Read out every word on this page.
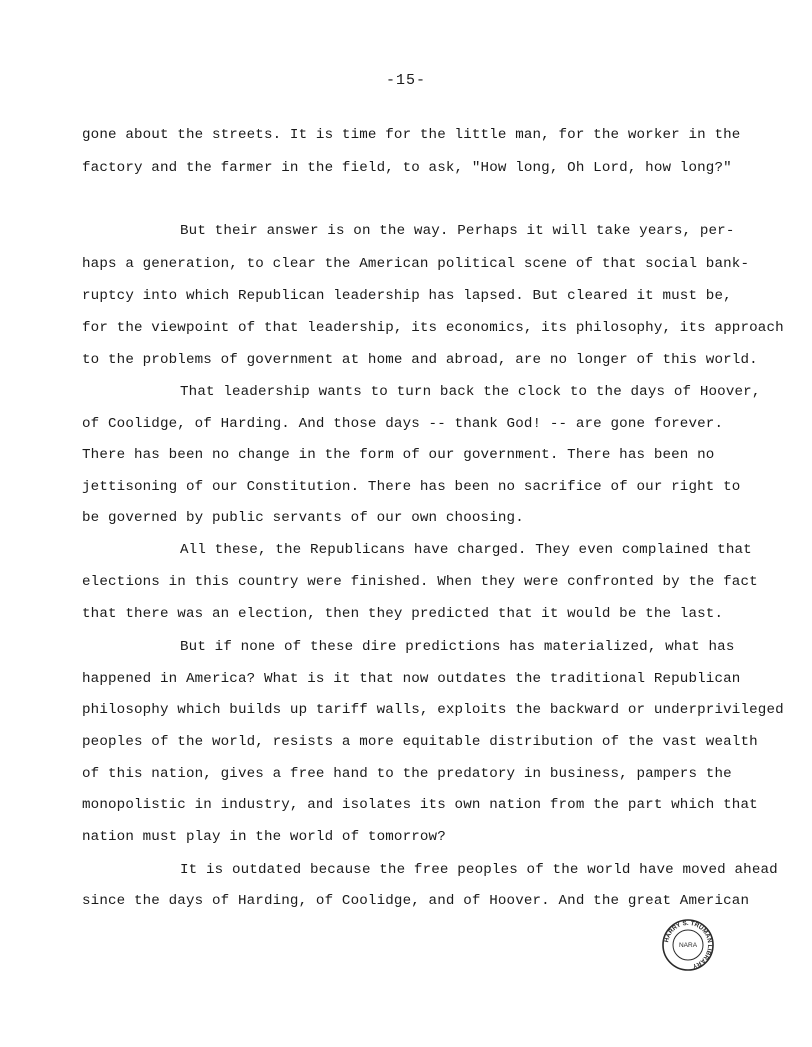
-15-
gone about the streets. It is time for the little man, for the worker in the
factory and the farmer in the field, to ask, "How long, Oh Lord, how long?"
But their answer is on the way. Perhaps it will take years, per-
haps a generation, to clear the American political scene of that social bank-
ruptcy into which Republican leadership has lapsed. But cleared it must be,
for the viewpoint of that leadership, its economics, its philosophy, its approach
to the problems of government at home and abroad, are no longer of this world.
That leadership wants to turn back the clock to the days of Hoover,
of Coolidge, of Harding. And those days -- thank God! -- are gone forever.
There has been no change in the form of our government. There has been no
jettisoning of our Constitution. There has been no sacrifice of our right to
be governed by public servants of our own choosing.
All these, the Republicans have charged. They even complained that
elections in this country were finished. When they were confronted by the fact
that there was an election, then they predicted that it would be the last.
But if none of these dire predictions has materialized, what has
happened in America? What is it that now outdates the traditional Republican
philosophy which builds up tariff walls, exploits the backward or underprivileged
peoples of the world, resists a more equitable distribution of the vast wealth
of this nation, gives a free hand to the predatory in business, pampers the
monopolistic in industry, and isolates its own nation from the part which that
nation must play in the world of tomorrow?
It is outdated because the free peoples of the world have moved ahead
since the days of Harding, of Coolidge, and of Hoover. And the great American
HARRY S. TRUMAN LIBRARY
NARA
